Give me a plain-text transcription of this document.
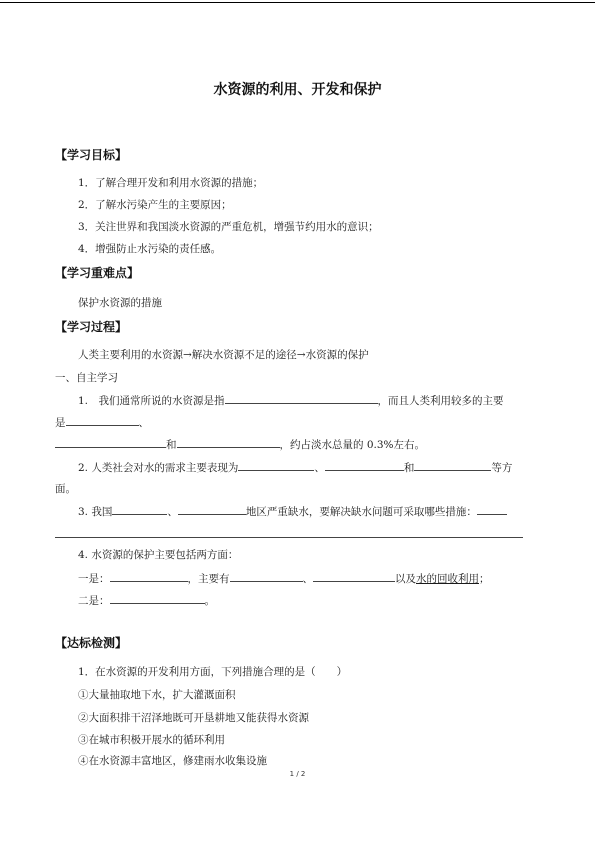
水资源的利用、开发和保护
【学习目标】
1．了解合理开发和利用水资源的措施；
2．了解水污染产生的主要原因；
3．关注世界和我国淡水资源的严重危机，增强节约用水的意识；
4．增强防止水污染的责任感。
【学习重难点】
保护水资源的措施
【学习过程】
人类主要利用的水资源→解决水资源不足的途径→水资源的保护
一、自主学习
1.　我们通常所说的水资源是指	，而且人类利用较多的主要
是	、
和	，约占淡水总量的 0.3%左右。
2. 人类社会对水的需求主要表现为	、	和	等方
面。
3. 我国	、	地区严重缺水，要解决缺水问题可采取哪些措施：
4. 水资源的保护主要包括两方面：
一是：	，主要有	、	以及水的回收利用；
二是：	。
【达标检测】
1．在水资源的开发利用方面，下列措施合理的是（　　）
①大量抽取地下水，扩大灌溉面积
②大面积排干沼泽地既可开垦耕地又能获得水资源
③在城市积极开展水的循环利用
④在水资源丰富地区，修建雨水收集设施
1 / 2
